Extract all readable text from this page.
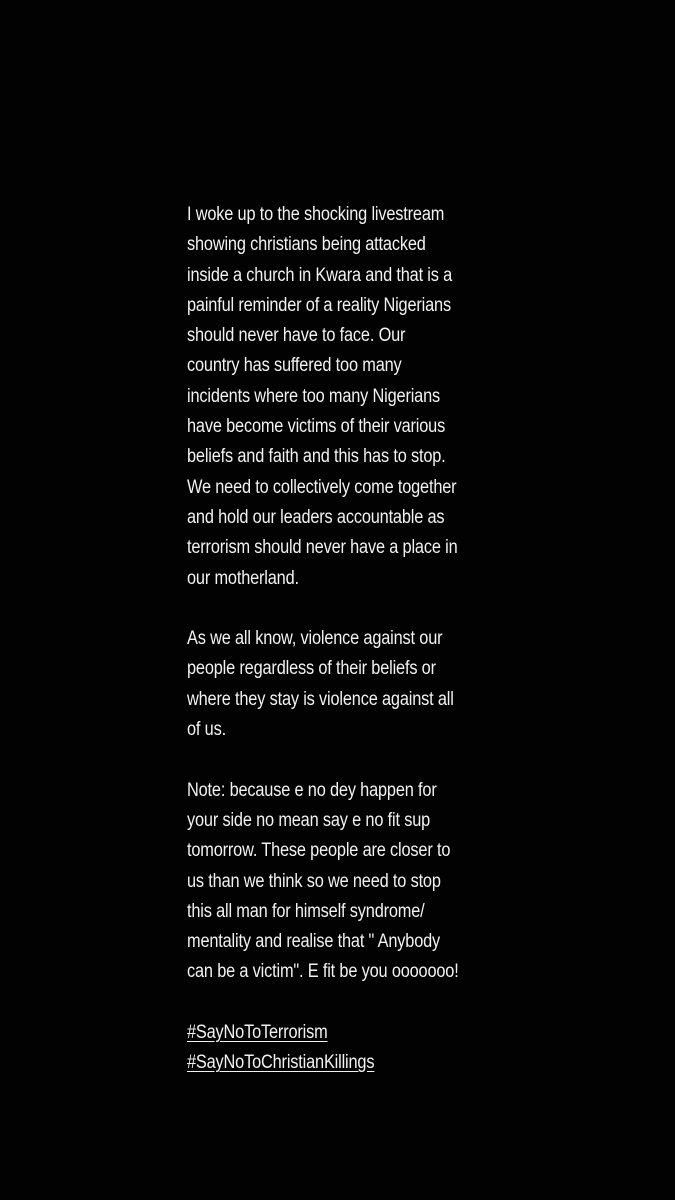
I woke up to the shocking livestream
showing christians being attacked
inside a church in Kwara and that is a
painful reminder of a reality Nigerians
should never have to face. Our
country has suffered too many
incidents where too many Nigerians
have become victims of their various
beliefs and faith and this has to stop.
We need to collectively come together
and hold our leaders accountable as
terrorism should never have a place in
our motherland.
As we all know, violence against our
people regardless of their beliefs or
where they stay is violence against all
of us.
Note: because e no dey happen for
your side no mean say e no fit sup
tomorrow. These people are closer to
us than we think so we need to stop
this all man for himself syndrome/
mentality and realise that " Anybody
can be a victim". E fit be you ooooooo!
#SayNoToTerrorism
#SayNoToChristianKillings
